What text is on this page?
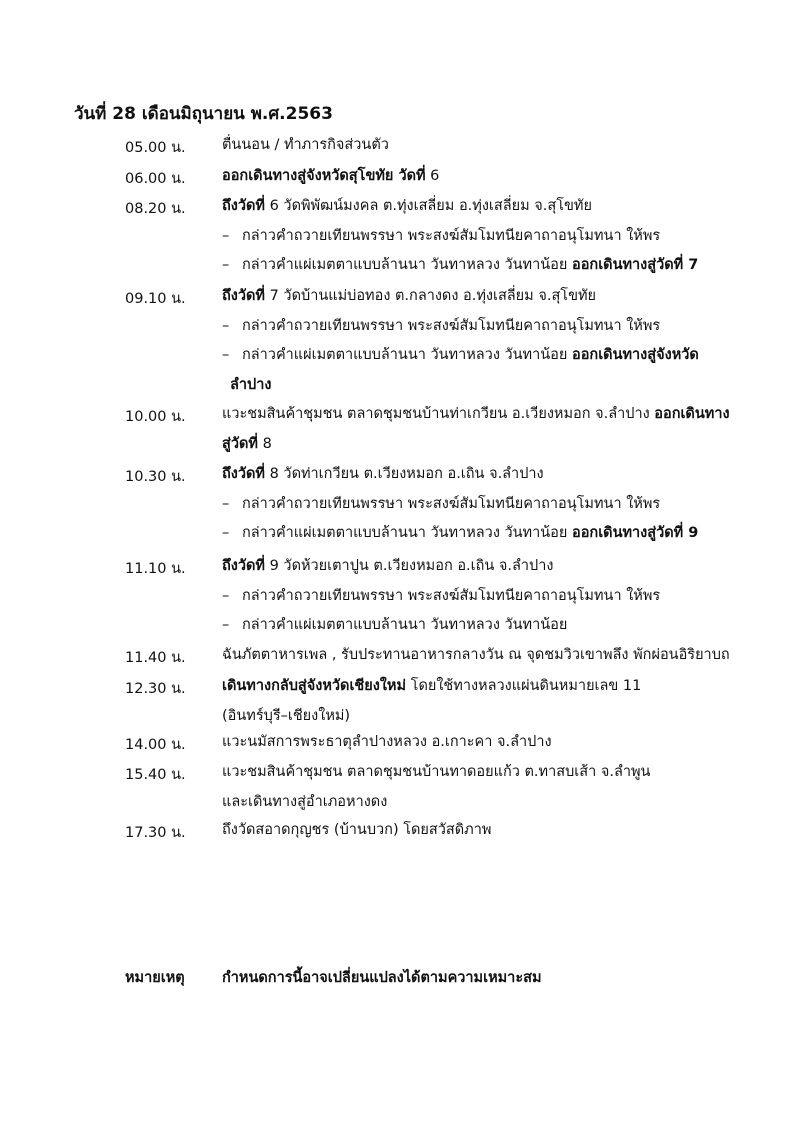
วันที่ 28 เดือนมิถุนายน พ.ศ.2563
05.00 น.	ตื่นนอน / ทำภารกิจส่วนตัว
06.00 น.	ออกเดินทางสู่จังหวัดสุโขทัย วัดที่ 6
08.20 น.	ถึงวัดที่ 6 วัดพิพัฒน์มงคล ต.ทุ่งเสลี่ยม อ.ทุ่งเสลี่ยม จ.สุโขทัย
– กล่าวคำถวายเทียนพรรษา พระสงฆ์สัมโมทนียคาถาอนุโมทนา ให้พร
– กล่าวคำแผ่เมตตาแบบล้านนา วันทาหลวง วันทาน้อย ออกเดินทางสู่วัดที่ 7
09.10 น.	ถึงวัดที่ 7 วัดบ้านแม่บ่อทอง ต.กลางดง อ.ทุ่งเสลี่ยม จ.สุโขทัย
– กล่าวคำถวายเทียนพรรษา พระสงฆ์สัมโมทนียคาถาอนุโมทนา ให้พร
– กล่าวคำแผ่เมตตาแบบล้านนา วันทาหลวง วันทาน้อย ออกเดินทางสู่จังหวัด
ลำปาง
10.00 น.	แวะชมสินค้าชุมชน ตลาดชุมชนบ้านท่าเกวียน อ.เวียงหมอก จ.ลำปาง ออกเดินทาง
สู่วัดที่ 8
10.30 น.	ถึงวัดที่ 8 วัดท่าเกวียน ต.เวียงหมอก อ.เถิน จ.ลำปาง
– กล่าวคำถวายเทียนพรรษา พระสงฆ์สัมโมทนียคาถาอนุโมทนา ให้พร
– กล่าวคำแผ่เมตตาแบบล้านนา วันทาหลวง วันทาน้อย ออกเดินทางสู่วัดที่ 9
11.10 น.	ถึงวัดที่ 9 วัดห้วยเตาปูน ต.เวียงหมอก อ.เถิน จ.ลำปาง
– กล่าวคำถวายเทียนพรรษา พระสงฆ์สัมโมทนียคาถาอนุโมทนา ให้พร
– กล่าวคำแผ่เมตตาแบบล้านนา วันทาหลวง วันทาน้อย
11.40 น.	ฉันภัตตาหารเพล , รับประทานอาหารกลางวัน ณ จุดชมวิวเขาพลึง พักผ่อนอิริยาบถ
12.30 น.	เดินทางกลับสู่จังหวัดเชียงใหม่ โดยใช้ทางหลวงแผ่นดินหมายเลข 11
(อินทร์บุรี–เชียงใหม่)
14.00 น.	แวะนมัสการพระธาตุลำปางหลวง อ.เกาะคา จ.ลำปาง
15.40 น.	แวะชมสินค้าชุมชน ตลาดชุมชนบ้านทาดอยแก้ว ต.ทาสบเส้า จ.ลำพูน
และเดินทางสู่อำเภอหางดง
17.30 น.	ถึงวัดสอาดกุญชร (บ้านบวก) โดยสวัสดิภาพ
หมายเหตุ	กำหนดการนี้อาจเปลี่ยนแปลงได้ตามความเหมาะสม
